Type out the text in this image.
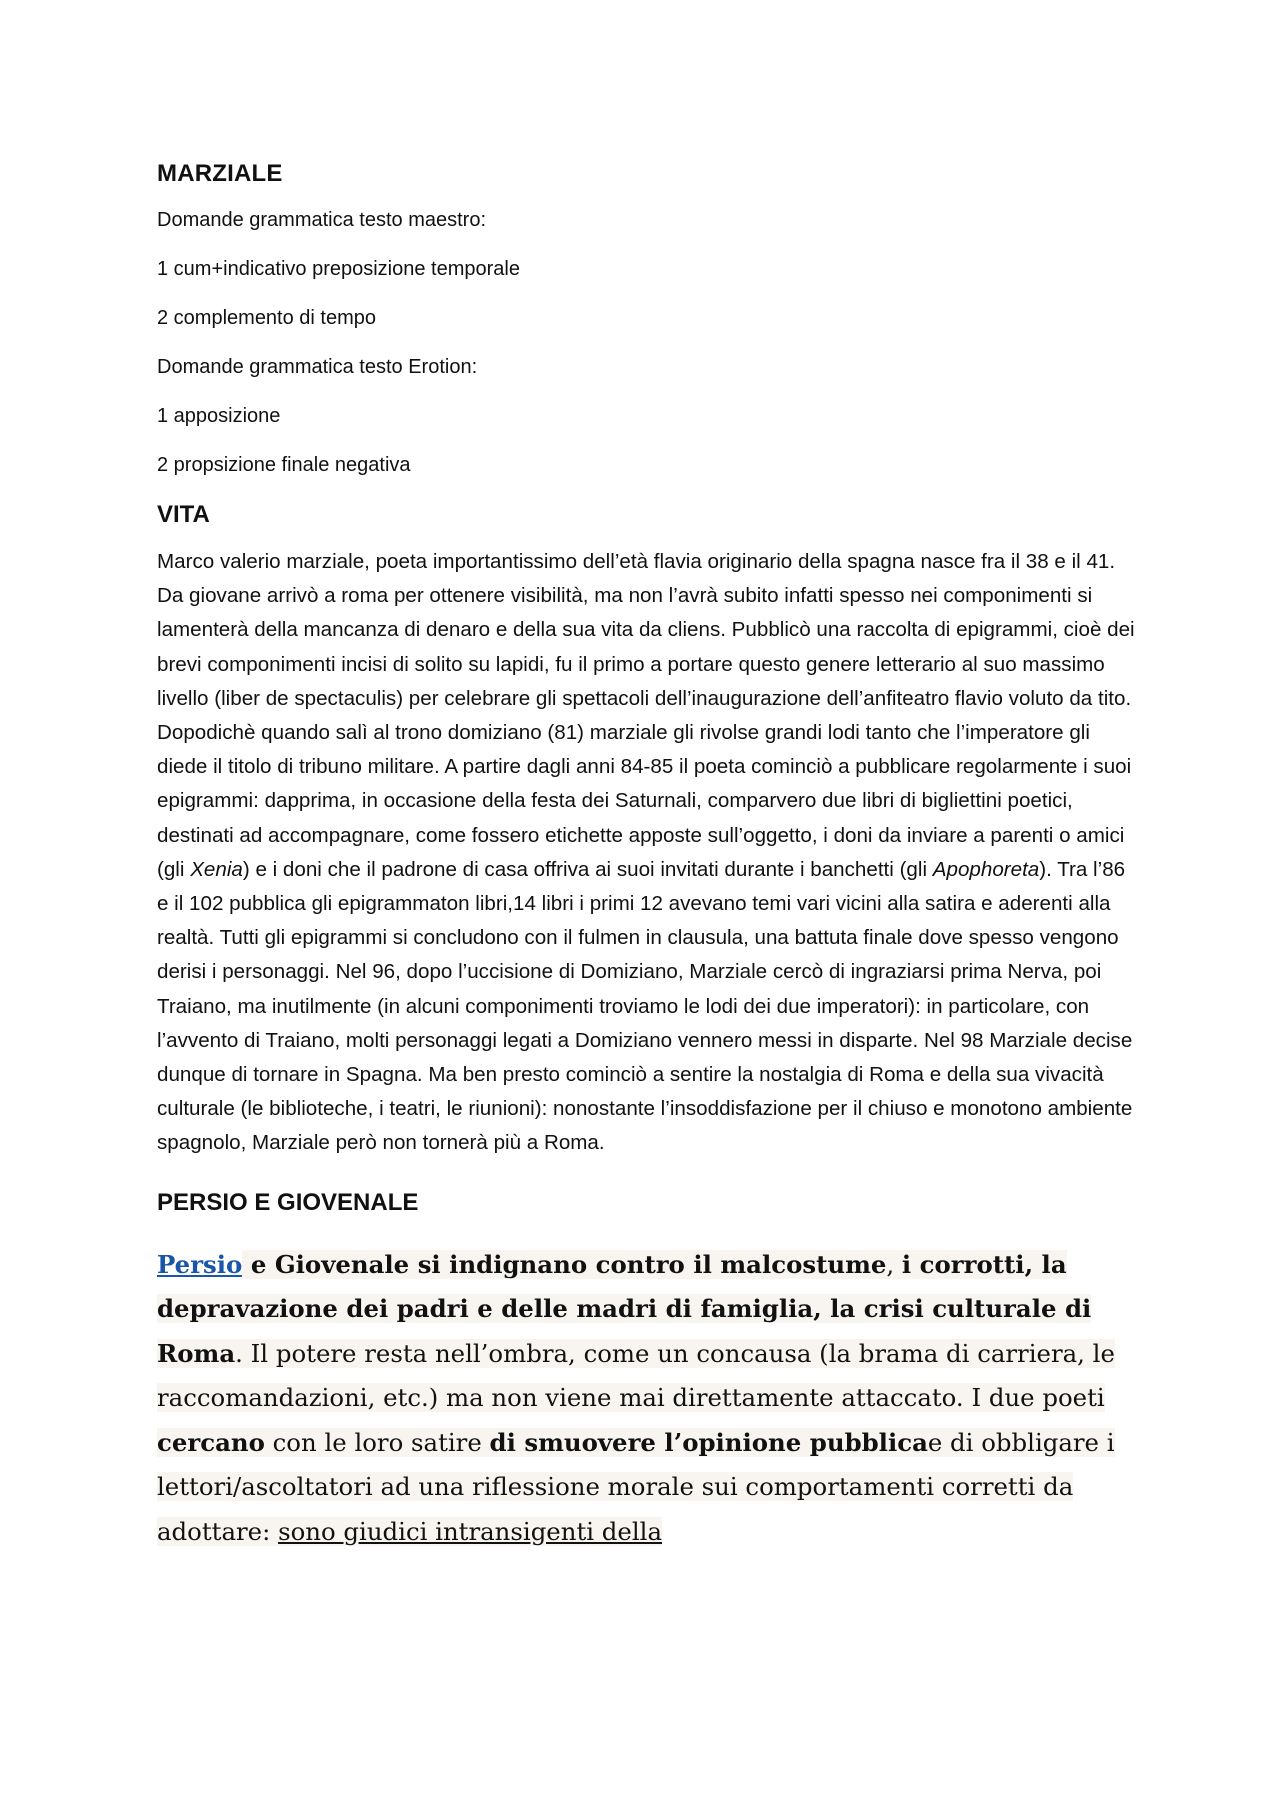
MARZIALE
Domande grammatica testo maestro:
1 cum+indicativo preposizione temporale
2 complemento di tempo
Domande grammatica testo Erotion:
1 apposizione
2 propsizione finale negativa
VITA

Marco valerio marziale, poeta importantissimo dell’età flavia originario della spagna nasce fra il 38 e il 41. Da giovane arrivò a roma per ottenere visibilità, ma non l’avrà subito infatti spesso nei componimenti si lamenterà della mancanza di denaro e della sua vita da cliens. Pubblicò una raccolta di epigrammi, cioè dei brevi componimenti incisi di solito su lapidi, fu il primo a portare questo genere letterario al suo massimo livello (liber de spectaculis) per celebrare gli spettacoli dell’inaugurazione dell’anfiteatro flavio voluto da tito. Dopodichè quando salì al trono domiziano (81) marziale gli rivolse grandi lodi tanto che l’imperatore gli diede il titolo di tribuno militare. A partire dagli anni 84-85 il poeta cominciò a pubblicare regolarmente i suoi epigrammi: dapprima, in occasione della festa dei Saturnali, comparvero due libri di bigliettini poetici, destinati ad accompagnare, come fossero etichette apposte sull’oggetto, i doni da inviare a parenti o amici (gli Xenia) e i doni che il padrone di casa offriva ai suoi invitati durante i banchetti (gli Apophoreta). Tra l’86 e il 102 pubblica gli epigrammaton libri,14 libri i primi 12 avevano temi vari vicini alla satira e aderenti alla realtà. Tutti gli epigrammi si concludono con il fulmen in clausula, una battuta finale dove spesso vengono derisi i personaggi. Nel 96, dopo l’uccisione di Domiziano, Marziale cercò di ingraziarsi prima Nerva, poi Traiano, ma inutilmente (in alcuni componimenti troviamo le lodi dei due imperatori): in particolare, con l’avvento di Traiano, molti personaggi legati a Domiziano vennero messi in disparte. Nel 98 Marziale decise dunque di tornare in Spagna. Ma ben presto cominciò a sentire la nostalgia di Roma e della sua vivacità culturale (le biblioteche, i teatri, le riunioni): nonostante l’insoddisfazione per il chiuso e monotono ambiente spagnolo, Marziale però non tornerà più a Roma.

PERSIO E GIOVENALE

Persio e Giovenale si indignano contro il malcostume, i corrotti, la depravazione dei padri e delle madri di famiglia, la crisi culturale di Roma. Il potere resta nell’ombra, come un concausa (la brama di carriera, le raccomandazioni, etc.) ma non viene mai direttamente attaccato. I due poeti cercano con le loro satire di smuovere l’opinione pubblicae di obbligare i lettori/ascoltatori ad una riflessione morale sui comportamenti corretti da adottare: sono giudici intransigenti della
